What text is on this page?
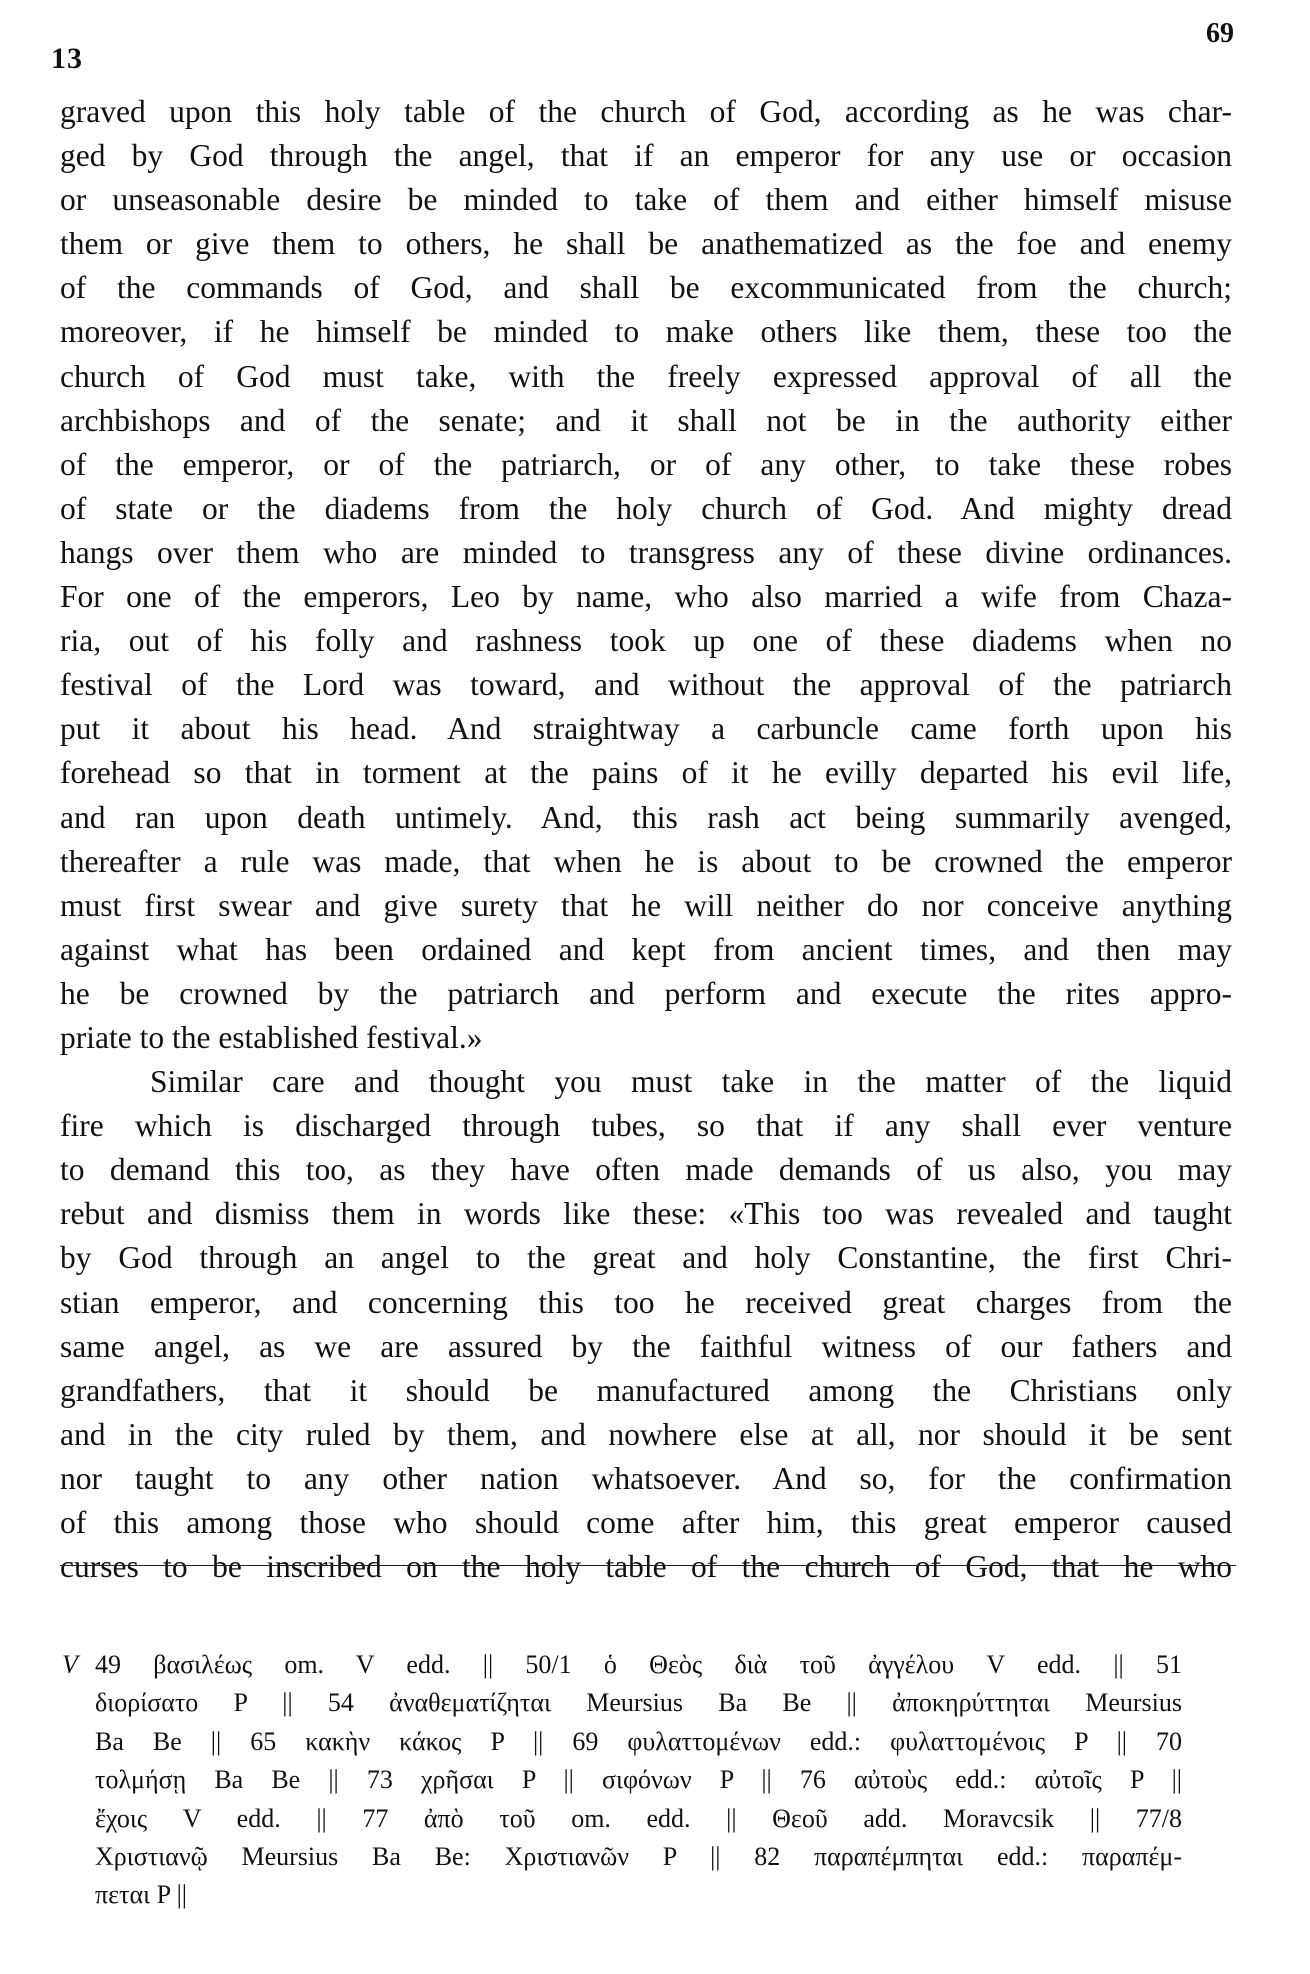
13
69
graved upon this holy table of the church of God, according as he was char-
ged by God through the angel, that if an emperor for any use or occasion
or unseasonable desire be minded to take of them and either himself misuse
them or give them to others, he shall be anathematized as the foe and enemy
of the commands of God, and shall be excommunicated from the church;
moreover, if he himself be minded to make others like them, these too the
church of God must take, with the freely expressed approval of all the
archbishops and of the senate; and it shall not be in the authority either
of the emperor, or of the patriarch, or of any other, to take these robes
of state or the diadems from the holy church of God. And mighty dread
hangs over them who are minded to transgress any of these divine ordinances.
For one of the emperors, Leo by name, who also married a wife from Chaza-
ria, out of his folly and rashness took up one of these diadems when no
festival of the Lord was toward, and without the approval of the patriarch
put it about his head. And straightway a carbuncle came forth upon his
forehead so that in torment at the pains of it he evilly departed his evil life,
and ran upon death untimely. And, this rash act being summarily avenged,
thereafter a rule was made, that when he is about to be crowned the emperor
must first swear and give surety that he will neither do nor conceive anything
against what has been ordained and kept from ancient times, and then may
he be crowned by the patriarch and perform and execute the rites appro-
priate to the established festival.»
Similar care and thought you must take in the matter of the liquid
fire which is discharged through tubes, so that if any shall ever venture
to demand this too, as they have often made demands of us also, you may
rebut and dismiss them in words like these: «This too was revealed and taught
by God through an angel to the great and holy Constantine, the first Chri-
stian emperor, and concerning this too he received great charges from the
same angel, as we are assured by the faithful witness of our fathers and
grandfathers, that it should be manufactured among the Christians only
and in the city ruled by them, and nowhere else at all, nor should it be sent
nor taught to any other nation whatsoever. And so, for the confirmation
of this among those who should come after him, this great emperor caused
curses to be inscribed on the holy table of the church of God, that he who
V 49 βασιλέως om. V edd. || 50/1 ὁ Θεὸς διὰ τοῦ ἀγγέλου V edd. || 51
διορίσατο P || 54 ἀναθεματίζηται Meursius Ba Be || ἀποκηρύττηται Meursius
Ba Be || 65 κακὴν κάκος P || 69 φυλαττομένων edd.: φυλαττομένοις P || 70
τολμήσῃ Ba Be || 73 χρῆσαι P || σιφόνων P || 76 αὐτοὺς edd.: αὐτοῖς P ||
ἔχοις V edd. || 77 ἀπὸ τοῦ om. edd. || Θεοῦ add. Moravcsik || 77/8
Χριστιανῷ Meursius Ba Be: Χριστιανῶν P || 82 παραπέμπηται edd.: παραπέμ-
πεται P ||
